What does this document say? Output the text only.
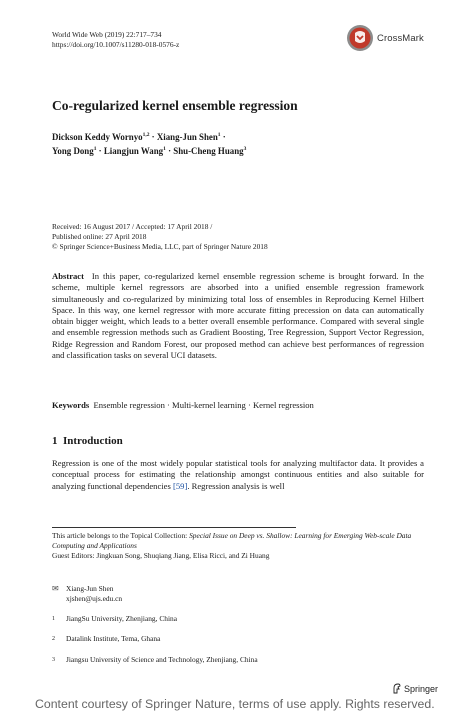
World Wide Web (2019) 22:717–734
https://doi.org/10.1007/s11280-018-0576-z
CrossMark
Co-regularized kernel ensemble regression
Dickson Keddy Wornyo$^{1,2}$ · Xiang-Jun Shen$^1$ ·
Yong Dong$^1$ · Liangjun Wang$^1$ · Shu-Cheng Huang$^3$
Received: 16 August 2017 / Accepted: 17 April 2018 /
Published online: 27 April 2018
© Springer Science+Business Media, LLC, part of Springer Nature 2018
Abstract In this paper, co-regularized kernel ensemble regression scheme is brought forward. In the scheme, multiple kernel regressors are absorbed into a unified ensemble regression framework simultaneously and co-regularized by minimizing total loss of ensembles in Reproducing Kernel Hilbert Space. In this way, one kernel regressor with more accurate fitting precession on data can automatically obtain bigger weight, which leads to a better overall ensemble performance. Compared with several single and ensemble regression methods such as Gradient Boosting, Tree Regression, Support Vector Regression, Ridge Regression and Random Forest, our proposed method can achieve best performances of regression and classification tasks on several UCI datasets.
Keywords Ensemble regression · Multi-kernel learning · Kernel regression
1 Introduction
Regression is one of the most widely popular statistical tools for analyzing multifactor data. It provides a conceptual process for estimating the relationship amongst continuous entities and also suitable for analyzing functional dependencies [59]. Regression analysis is well
This article belongs to the Topical Collection: Special Issue on Deep vs. Shallow: Learning for Emerging Web-scale Data Computing and Applications
Guest Editors: Jingkuan Song, Shuqiang Jiang, Elisa Ricci, and Zi Huang
✉ Xiang-Jun Shen
xjshen@ujs.edu.cn
1	JiangSu University, Zhenjiang, China
2	Datalink Institute, Tema, Ghana
3	Jiangsu University of Science and Technology, Zhenjiang, China
Springer
Content courtesy of Springer Nature, terms of use apply. Rights reserved.
